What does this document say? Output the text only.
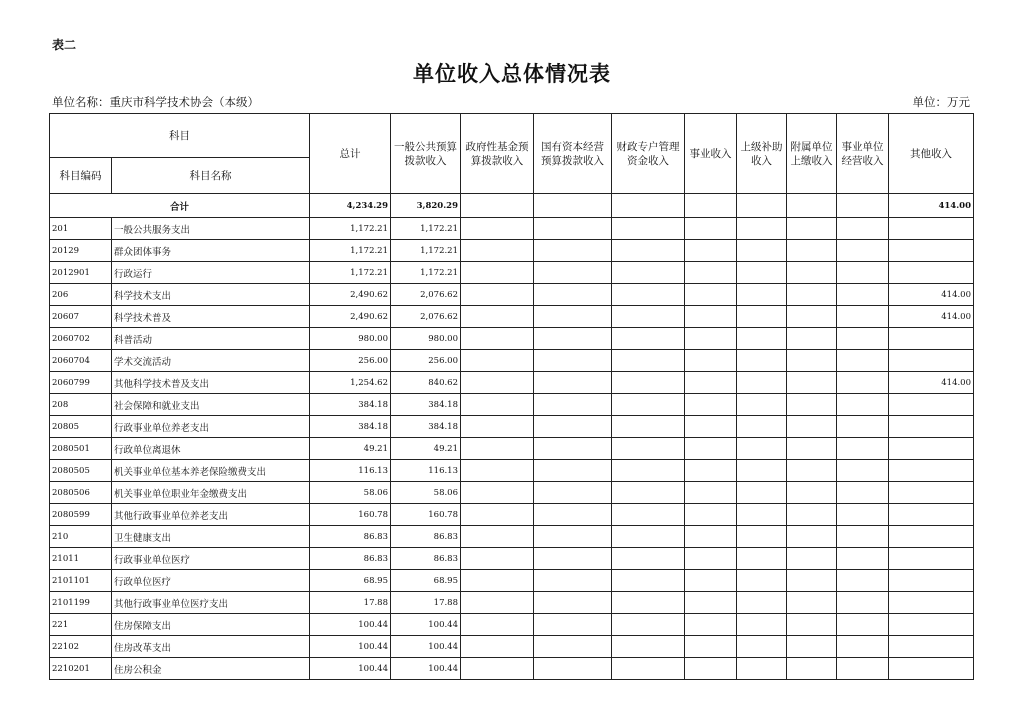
表二
单位收入总体情况表
单位名称：重庆市科学技术协会（本级）	单位：万元
科目		总计	一般公共预算拨款收入	政府性基金预算拨款收入	国有资本经营预算拨款收入	财政专户管理资金收入	事业收入	上级补助收入	附属单位上缴收入	事业单位经营收入	其他收入
科目编码	科目名称										
合计		4,234.29	3,820.29								414.00
201	一般公共服务支出	1,172.21	1,172.21								
20129	群众团体事务	1,172.21	1,172.21								
2012901	行政运行	1,172.21	1,172.21								
206	科学技术支出	2,490.62	2,076.62								414.00
20607	科学技术普及	2,490.62	2,076.62								414.00
2060702	科普活动	980.00	980.00								
2060704	学术交流活动	256.00	256.00								
2060799	其他科学技术普及支出	1,254.62	840.62								414.00
208	社会保障和就业支出	384.18	384.18								
20805	行政事业单位养老支出	384.18	384.18								
2080501	行政单位离退休	49.21	49.21								
2080505	机关事业单位基本养老保险缴费支出	116.13	116.13								
2080506	机关事业单位职业年金缴费支出	58.06	58.06								
2080599	其他行政事业单位养老支出	160.78	160.78								
210	卫生健康支出	86.83	86.83								
21011	行政事业单位医疗	86.83	86.83								
2101101	行政单位医疗	68.95	68.95								
2101199	其他行政事业单位医疗支出	17.88	17.88								
221	住房保障支出	100.44	100.44								
22102	住房改革支出	100.44	100.44								
2210201	住房公积金	100.44	100.44								
